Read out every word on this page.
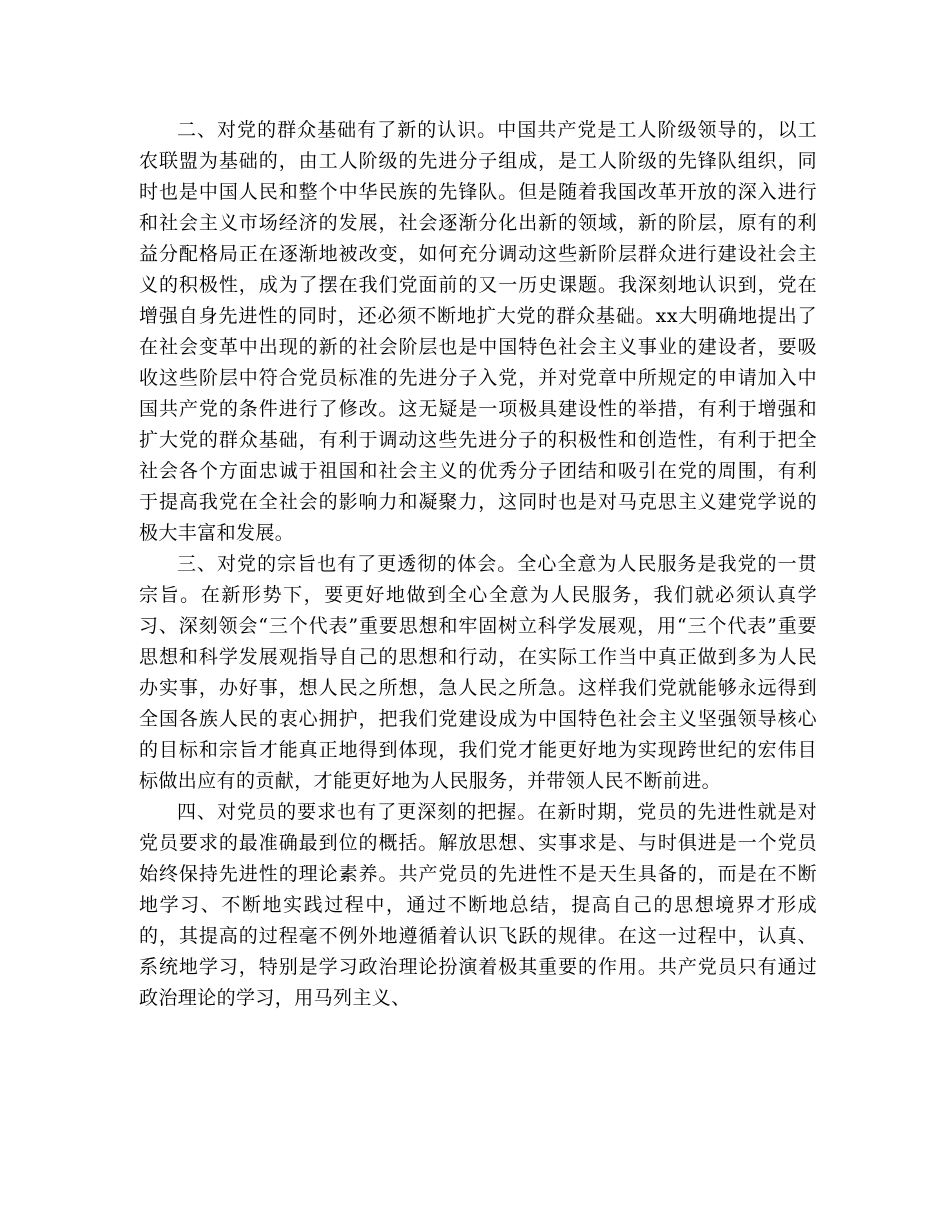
二、对党的群众基础有了新的认识。中国共产党是工人阶级领导的，以工农联盟为基础的，由工人阶级的先进分子组成，是工人阶级的先锋队组织，同时也是中国人民和整个中华民族的先锋队。但是随着我国改革开放的深入进行和社会主义市场经济的发展，社会逐渐分化出新的领域，新的阶层，原有的利益分配格局正在逐渐地被改变，如何充分调动这些新阶层群众进行建设社会主义的积极性，成为了摆在我们党面前的又一历史课题。我深刻地认识到，党在增强自身先进性的同时，还必须不断地扩大党的群众基础。xx大明确地提出了在社会变革中出现的新的社会阶层也是中国特色社会主义事业的建设者，要吸收这些阶层中符合党员标准的先进分子入党，并对党章中所规定的申请加入中国共产党的条件进行了修改。这无疑是一项极具建设性的举措，有利于增强和扩大党的群众基础，有利于调动这些先进分子的积极性和创造性，有利于把全社会各个方面忠诚于祖国和社会主义的优秀分子团结和吸引在党的周围，有利于提高我党在全社会的影响力和凝聚力，这同时也是对马克思主义建党学说的极大丰富和发展。

三、对党的宗旨也有了更透彻的体会。全心全意为人民服务是我党的一贯宗旨。在新形势下，要更好地做到全心全意为人民服务，我们就必须认真学习、深刻领会“三个代表”重要思想和牢固树立科学发展观，用“三个代表”重要思想和科学发展观指导自己的思想和行动，在实际工作当中真正做到多为人民办实事，办好事，想人民之所想，急人民之所急。这样我们党就能够永远得到全国各族人民的衷心拥护，把我们党建设成为中国特色社会主义坚强领导核心的目标和宗旨才能真正地得到体现，我们党才能更好地为实现跨世纪的宏伟目标做出应有的贡献，才能更好地为人民服务，并带领人民不断前进。

四、对党员的要求也有了更深刻的把握。在新时期，党员的先进性就是对党员要求的最准确最到位的概括。解放思想、实事求是、与时俱进是一个党员始终保持先进性的理论素养。共产党员的先进性不是天生具备的，而是在不断地学习、不断地实践过程中，通过不断地总结，提高自己的思想境界才形成的，其提高的过程毫不例外地遵循着认识飞跃的规律。在这一过程中，认真、系统地学习，特别是学习政治理论扮演着极其重要的作用。共产党员只有通过政治理论的学习，用马列主义、
